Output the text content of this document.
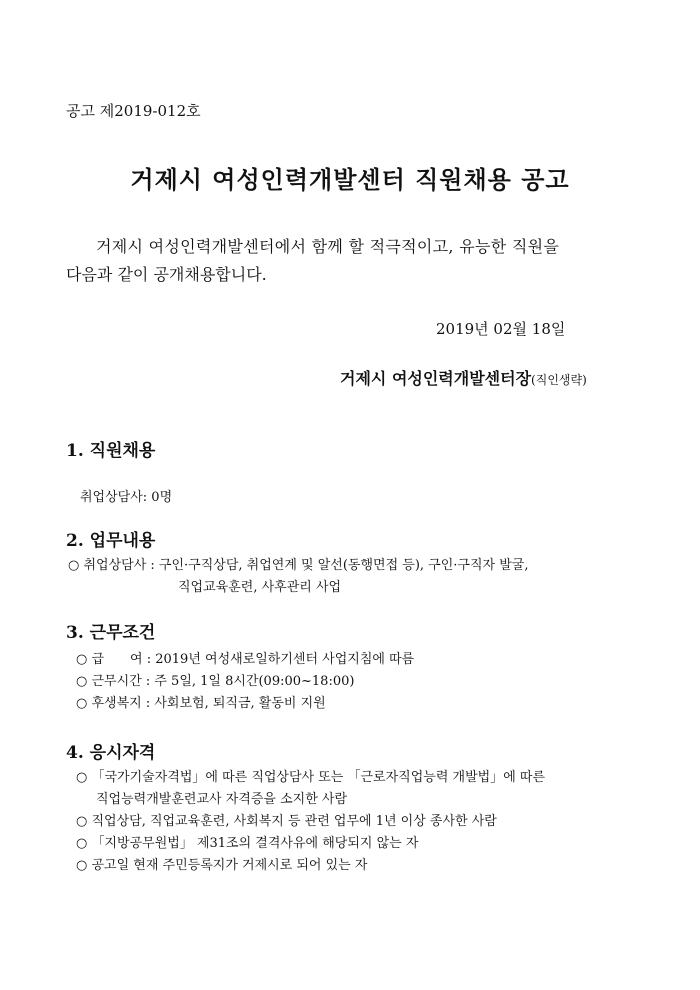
공고 제2019-012호
거제시 여성인력개발센터 직원채용 공고
거제시 여성인력개발센터에서 함께 할 적극적이고, 유능한 직원을
다음과 같이 공개채용합니다.
2019년 02월 18일
거제시 여성인력개발센터장(직인생략)
1. 직원채용
취업상담사: 0명
2. 업무내용
○ 취업상담사 : 구인·구직상담, 취업연계 및 알선(동행면접 등), 구인·구직자 발굴,
직업교육훈련, 사후관리 사업
3. 근무조건
○ 급　　여 : 2019년 여성새로일하기센터 사업지침에 따름
○ 근무시간 : 주 5일, 1일 8시간(09:00~18:00)
○ 후생복지 : 사회보험, 퇴직금, 활동비 지원
4. 응시자격
○ 「국가기술자격법」에 따른 직업상담사 또는 「근로자직업능력 개발법」에 따른
직업능력개발훈련교사 자격증을 소지한 사람
○ 직업상담, 직업교육훈련, 사회복지 등 관련 업무에 1년 이상 종사한 사람
○ 「지방공무원법」 제31조의 결격사유에 해당되지 않는 자
○ 공고일 현재 주민등록지가 거제시로 되어 있는 자
